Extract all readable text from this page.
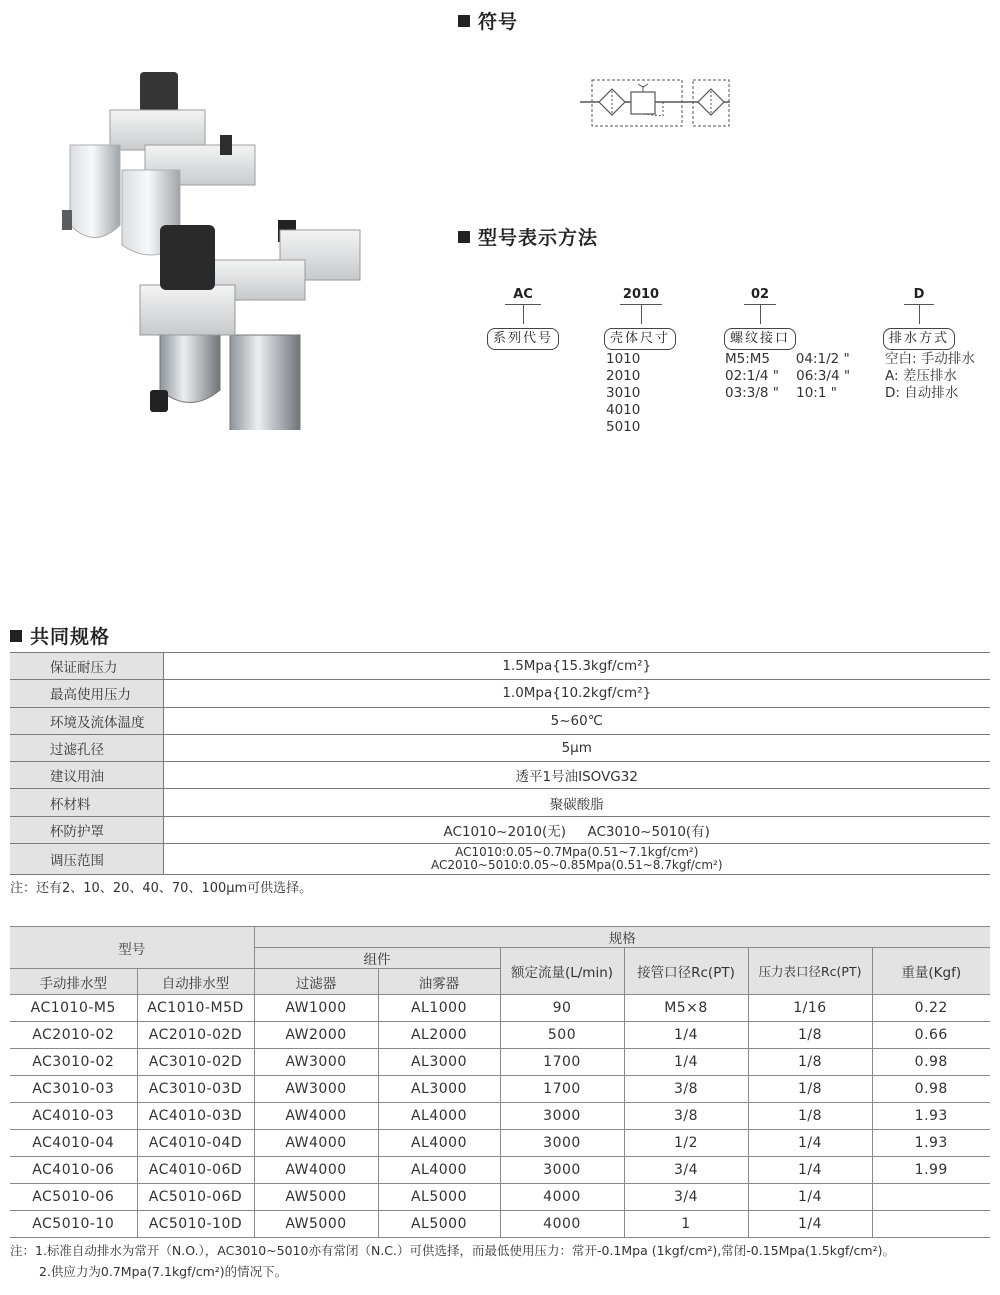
符号
型号表示方法
AC
系列代号
2010
壳体尺寸
1010
2010
3010
4010
5010
02
螺纹接口
M5:M5      04:1/2 "
02:1/4 "    06:3/4 "
03:3/8 "    10:1 "
D
排水方式
空白: 手动排水
A: 差压排水
D: 自动排水
共同规格
保证耐压力	1.5Mpa{15.3kgf/cm²}
最高使用压力	1.0Mpa{10.2kgf/cm²}
环境及流体温度	5~60℃
过滤孔径	5μm
建议用油	透平1号油ISOVG32
杯材料	聚碳酸脂
杯防护罩	AC1010~2010(无)     AC3010~5010(有)
调压范围	AC1010:0.05~0.7Mpa(0.51~7.1kgf/cm²)
AC2010~5010:0.05~0.85Mpa(0.51~8.7kgf/cm²)
注：还有2、10、20、40、70、100μm可供选择。
型号		规格					
		组件		额定流量(L/min)	接管口径Rc(PT)	压力表口径Rc(PT)	重量(Kgf)
手动排水型	自动排水型	过滤器	油雾器				
AC1010-M5	AC1010-M5D	AW1000	AL1000	90	M5×8	1/16	0.22
AC2010-02	AC2010-02D	AW2000	AL2000	500	1/4	1/8	0.66
AC3010-02	AC3010-02D	AW3000	AL3000	1700	1/4	1/8	0.98
AC3010-03	AC3010-03D	AW3000	AL3000	1700	3/8	1/8	0.98
AC4010-03	AC4010-03D	AW4000	AL4000	3000	3/8	1/8	1.93
AC4010-04	AC4010-04D	AW4000	AL4000	3000	1/2	1/4	1.93
AC4010-06	AC4010-06D	AW4000	AL4000	3000	3/4	1/4	1.99
AC5010-06	AC5010-06D	AW5000	AL5000	4000	3/4	1/4	
AC5010-10	AC5010-10D	AW5000	AL5000	4000	1	1/4	
注：1.标准自动排水为常开（N.O.），AC3010~5010亦有常闭（N.C.）可供选择，而最低使用压力：常开-0.1Mpa (1kgf/cm²),常闭-0.15Mpa(1.5kgf/cm²)。
2.供应力为0.7Mpa(7.1kgf/cm²)的情况下。
